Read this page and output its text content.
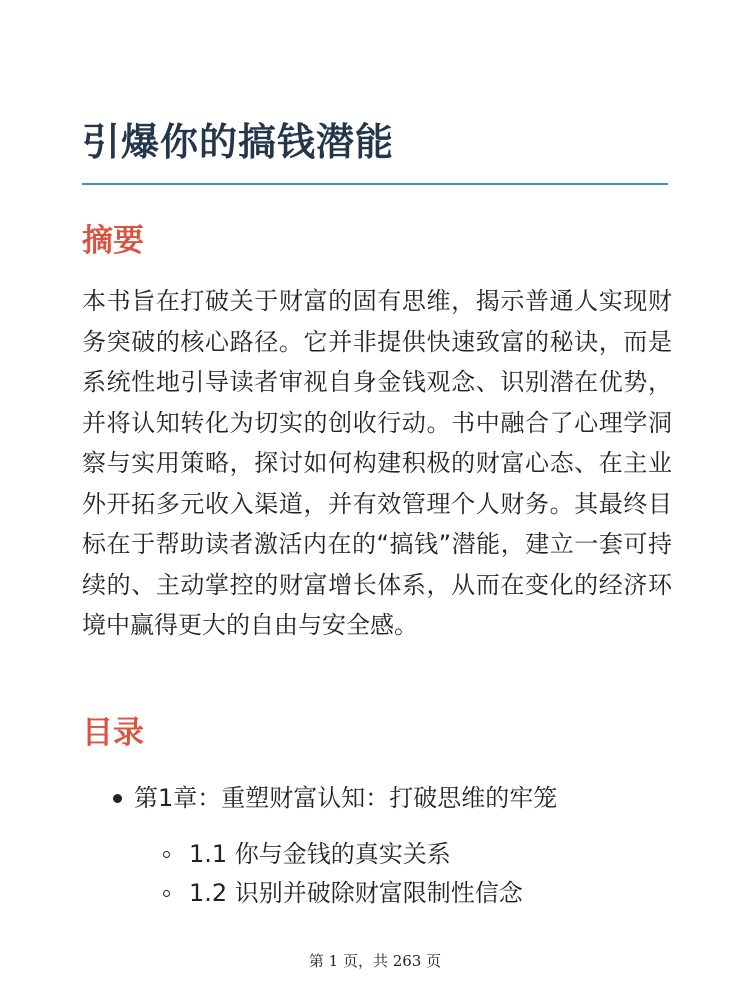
引爆你的搞钱潜能
摘要

本书旨在打破关于财富的固有思维，揭示普通人实现财务突破的核心路径。它并非提供快速致富的秘诀，而是系统性地引导读者审视自身金钱观念、识别潜在优势，并将认知转化为切实的创收行动。书中融合了心理学洞察与实用策略，探讨如何构建积极的财富心态、在主业外开拓多元收入渠道，并有效管理个人财务。其最终目标在于帮助读者激活内在的“搞钱”潜能，建立一套可持续的、主动掌控的财富增长体系，从而在变化的经济环境中赢得更大的自由与安全感。

目录
第1章：重塑财富认知：打破思维的牢笼
1.1 你与金钱的真实关系
1.2 识别并破除财富限制性信念
第 1 页，共 263 页
